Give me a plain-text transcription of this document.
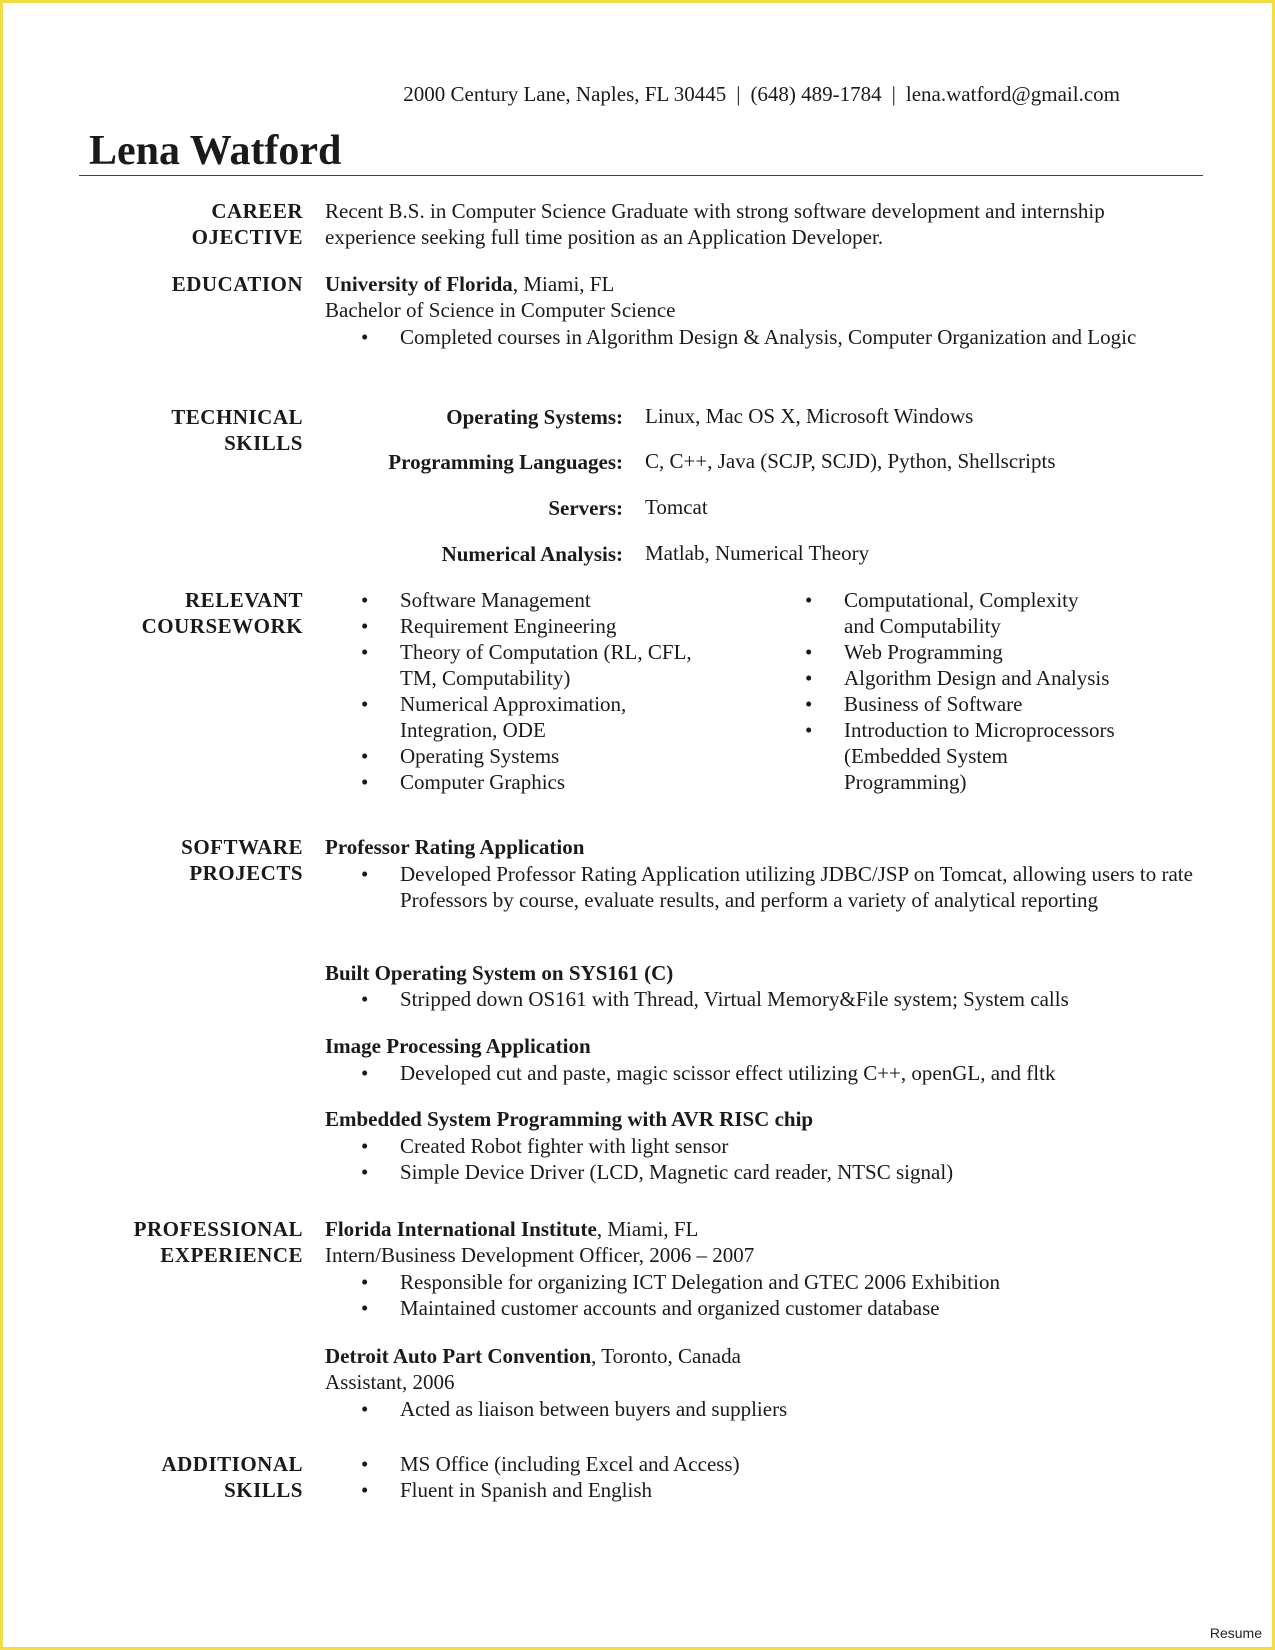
2000 Century Lane, Naples, FL 30445 | (648) 489-1784 | lena.watford@gmail.com
Lena Watford
CAREER
OJECTIVE
Recent B.S. in Computer Science Graduate with strong software development and internship
experience seeking full time position as an Application Developer.
EDUCATION University of Florida, Miami, FL
Bachelor of Science in Computer Science
• Completed courses in Algorithm Design & Analysis, Computer Organization and Logic
TECHNICAL
SKILLS
Operating Systems: Linux, Mac OS X, Microsoft Windows
Programming Languages: C, C++, Java (SCJP, SCJD), Python, Shellscripts
Servers: Tomcat
Numerical Analysis: Matlab, Numerical Theory
RELEVANT
COURSEWORK
• Software Management
• Requirement Engineering
• Theory of Computation (RL, CFL, TM, Computability)
• Numerical Approximation, Integration, ODE
• Operating Systems
• Computer Graphics
• Computational, Complexity and Computability
• Web Programming
• Algorithm Design and Analysis
• Business of Software
• Introduction to Microprocessors (Embedded System Programming)
SOFTWARE
PROJECTS
Professor Rating Application
• Developed Professor Rating Application utilizing JDBC/JSP on Tomcat, allowing users to rate Professors by course, evaluate results, and perform a variety of analytical reporting
Built Operating System on SYS161 (C)
• Stripped down OS161 with Thread, Virtual Memory&File system; System calls
Image Processing Application
• Developed cut and paste, magic scissor effect utilizing C++, openGL, and fltk
Embedded System Programming with AVR RISC chip
• Created Robot fighter with light sensor
• Simple Device Driver (LCD, Magnetic card reader, NTSC signal)
PROFESSIONAL
EXPERIENCE
Florida International Institute, Miami, FL
Intern/Business Development Officer, 2006 – 2007
• Responsible for organizing ICT Delegation and GTEC 2006 Exhibition
• Maintained customer accounts and organized customer database
Detroit Auto Part Convention, Toronto, Canada
Assistant, 2006
• Acted as liaison between buyers and suppliers
ADDITIONAL
SKILLS
• MS Office (including Excel and Access)
• Fluent in Spanish and English
Resume
